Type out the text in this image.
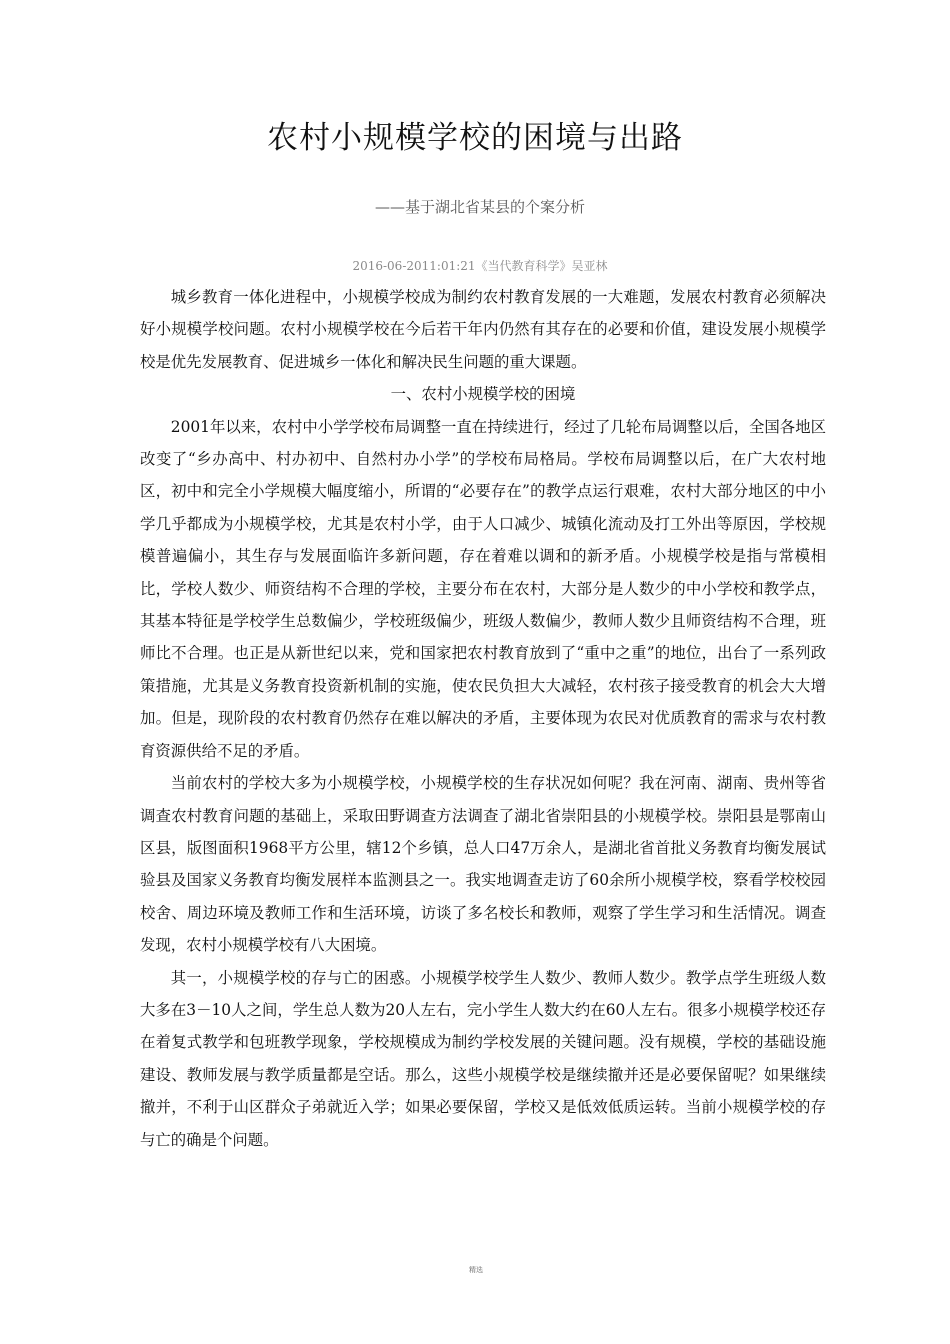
农村小规模学校的困境与出路

——基于湖北省某县的个案分析

2016-06-2011:01:21《当代教育科学》吴亚林

城乡教育一体化进程中，小规模学校成为制约农村教育发展的一大难题，发展农村教育必须解决好小规模学校问题。农村小规模学校在今后若干年内仍然有其存在的必要和价值，建设发展小规模学校是优先发展教育、促进城乡一体化和解决民生问题的重大课题。

一、农村小规模学校的困境

2001年以来，农村中小学学校布局调整一直在持续进行，经过了几轮布局调整以后，全国各地区改变了“乡办高中、村办初中、自然村办小学”的学校布局格局。学校布局调整以后，在广大农村地区，初中和完全小学规模大幅度缩小，所谓的“必要存在”的教学点运行艰难，农村大部分地区的中小学几乎都成为小规模学校，尤其是农村小学，由于人口减少、城镇化流动及打工外出等原因，学校规模普遍偏小，其生存与发展面临许多新问题，存在着难以调和的新矛盾。小规模学校是指与常模相比，学校人数少、师资结构不合理的学校，主要分布在农村，大部分是人数少的中小学校和教学点，其基本特征是学校学生总数偏少，学校班级偏少，班级人数偏少，教师人数少且师资结构不合理，班师比不合理。也正是从新世纪以来，党和国家把农村教育放到了“重中之重”的地位，出台了一系列政策措施，尤其是义务教育投资新机制的实施，使农民负担大大减轻，农村孩子接受教育的机会大大增加。但是，现阶段的农村教育仍然存在难以解决的矛盾，主要体现为农民对优质教育的需求与农村教育资源供给不足的矛盾。

当前农村的学校大多为小规模学校，小规模学校的生存状况如何呢？我在河南、湖南、贵州等省调查农村教育问题的基础上，采取田野调查方法调查了湖北省崇阳县的小规模学校。崇阳县是鄂南山区县，版图面积1968平方公里，辖12个乡镇，总人口47万余人，是湖北省首批义务教育均衡发展试验县及国家义务教育均衡发展样本监测县之一。我实地调查走访了60余所小规模学校，察看学校校园校舍、周边环境及教师工作和生活环境，访谈了多名校长和教师，观察了学生学习和生活情况。调查发现，农村小规模学校有八大困境。

其一，小规模学校的存与亡的困惑。小规模学校学生人数少、教师人数少。教学点学生班级人数大多在3－10人之间，学生总人数为20人左右，完小学生人数大约在60人左右。很多小规模学校还存在着复式教学和包班教学现象，学校规模成为制约学校发展的关键问题。没有规模，学校的基础设施建设、教师发展与教学质量都是空话。那么，这些小规模学校是继续撤并还是必要保留呢？如果继续撤并，不利于山区群众子弟就近入学；如果必要保留，学校又是低效低质运转。当前小规模学校的存与亡的确是个问题。

精选
